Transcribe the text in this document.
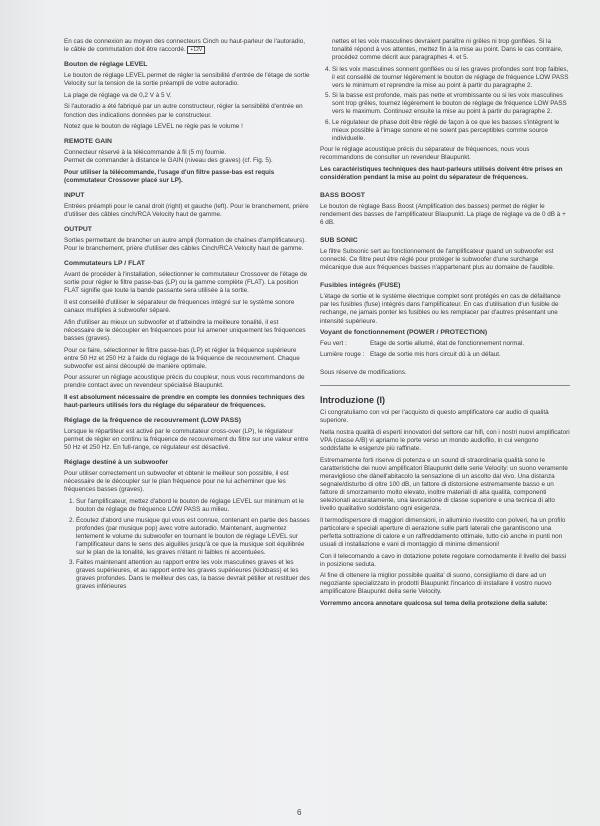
En cas de connexion au moyen des connecteurs Cinch ou haut-parleur de l'autoradio, le câble de commutation doit être raccordé. +12V

Bouton de réglage LEVEL

Le bouton de réglage LEVEL permet de régler la sensibilité d'entrée de l'étage de sortie Velocity sur la tension de la sortie préampli de votre autoradio.

La plage de réglage va de 0,2 V à 5 V.

Si l'autoradio a été fabriqué par un autre constructeur, régler la sensibilité d'entrée en fonction des indications données par le constructeur.

Notez que le bouton de réglage LEVEL ne règle pas le volume !

REMOTE GAIN

Connecteur réservé à la télécommande à fil (5 m) fournie.

Permet de commander à distance le GAIN (niveau des graves) (cf. Fig. 5).

Pour utiliser la télécommande, l'usage d'un filtre passe-bas est requis (commutateur Crossover placé sur LP).

INPUT

Entrées préampli pour le canal droit (right) et gauche (left). Pour le branchement, prière d'utiliser des câbles cinch/RCA Velocity haut de gamme.

OUTPUT

Sorties permettant de brancher un autre ampli (formation de chaînes d'amplificateurs). Pour le branchement, prière d'utiliser des câbles Cinch/RCA Velocity haut de gamme.

Commutateurs LP / FLAT

Avant de procéder à l'installation, sélectionner le commutateur Crossover de l'étage de sortie pour régler le filtre passe-bas (LP) ou la gamme complète (FLAT). La position FLAT signifie que toute la bande passante sera utilisée à la sortie.

Il est conseillé d'utiliser le séparateur de fréquences intégré sur le système sonore canaux multiples à subwoofer séparé.

Afin d'utiliser au mieux un subwoofer et d'atteindre la meilleure tonalité, il est nécessaire de le découpler en fréquences pour lui amener uniquement les fréquences basses (graves).

Pour ce faire, sélectionner le filtre passe-bas (LP) et régler la fréquence supérieure entre 50 Hz et 250 Hz à l'aide du réglage de la fréquence de recouvrement. Chaque subwoofer est ainsi découplé de manière optimale.

Pour assurer un réglage acoustique précis du coupleur, nous vous recommandons de prendre contact avec un revendeur spécialisé Blaupunkt.

Il est absolument nécessaire de prendre en compte les données techniques des haut-parleurs utilisés lors du réglage du séparateur de fréquences.

Réglage de la fréquence de recouvrement (LOW PASS)

Lorsque le répartiteur est activé par le commutateur cross-over (LP), le régulateur permet de régler en continu la fréquence de recouvrement du filtre sur une valeur entre 50 Hz et 250 Hz. En full-range, ce régulateur est désactivé.

Réglage destiné à un subwoofer

Pour utiliser correctement un subwoofer et obtenir le meilleur son possible, il est nécessaire de le découpler sur le plan fréquence pour ne lui acheminer que les fréquences basses (graves).

1. Sur l'amplificateur, mettez d'abord le bouton de réglage LEVEL sur minimum et le bouton de réglage de fréquence LOW PASS au milieu.
2. Écoutez d'abord une musique qui vous est connue, contenant en partie des basses profondes (par musique pop) avec votre autoradio. Maintenant, augmentez lentement le volume du subwoofer en tournant le bouton de réglage LEVEL sur l'amplificateur dans le sens des aiguilles jusqu'à ce que la musique soit équilibrée sur le plan de la tonalité, les graves n'étant ni faibles ni accentuées.
3. Faites maintenant attention au rapport entre les voix masculines graves et les graves supérieures, et au rapport entre les graves supérieures (kickbass) et les graves profondes. Dans le meilleur des cas, la basse devrait pétiller et restituer des graves inférieures

nettes et les voix masculines devraient paraître ni grêles ni trop gonflées. Si la tonalité répond à vos attentes, mettez fin à la mise au point. Dans le cas contraire, procédez comme décrit aux paragraphes 4. et 5.

4. Si les voix masculines sonnent gonflées ou si les graves profondes sont trop faibles, il est conseillé de tourner légèrement le bouton de réglage de fréquence LOW PASS vers le minimum et reprendre la mise au point à partir du paragraphe 2.
5. Si la basse est profonde, mais pas nette et vrombissante ou si les voix masculines sont trop grêles, tournez légèrement le bouton de réglage de fréquence LOW PASS vers le maximum. Continuez ensuite la mise au point à partir du paragraphe 2.
6. Le régulateur de phase doit être réglé de façon à ce que les basses s'intègrent le mieux possible à l'image sonore et ne soient pas perceptibles comme source individuelle.

Pour le réglage acoustique précis du séparateur de fréquences, nous vous recommandons de consulter un revendeur Blaupunkt.

Les caractéristiques techniques des haut-parleurs utilisés doivent être prises en considération pendant la mise au point du séparateur de fréquences.

BASS BOOST

Le bouton de réglage Bass Boost (Amplification des basses) permet de régler le rendement des basses de l'amplificateur Blaupunkt. La plage de réglage va de 0 dB à + 6 dB.

SUB SONIC

Le filtre Subsonic sert au fonctionnement de l'amplificateur quand un subwoofer est connecté. Ce filtre peut être réglé pour protéger le subwoofer d'une surcharge mécanique due aux fréquences basses n'appartenant plus au domaine de l'audible.

Fusibles intégrés (FUSE)

L'étage de sortie et le système électrique complet sont protégés en cas de défaillance par les fusibles (fuse) intégrés dans l'amplificateur. En cas d'utilisation d'un fusible de rechange, ne jamais ponter les fusibles ou les remplacer par d'autres présentant une intensité supérieure.

Voyant de fonctionnement (POWER / PROTECTION)
Feu vert :	Etage de sortie allumé, état de fonctionnement normal.
Lumière rouge : Etage de sortie mis hors circuit dû à un défaut.

Sous réserve de modifications.

Introduzione (I)

Ci congratuliamo con voi per l'acquisto di questo amplificatore car audio di qualità superiore.

Nella nostra qualità di esperti innovatori del settore car hifi, con i nostri nuovi amplificatori VPA (classe A/B) vi apriamo le porte verso un mondo audiofilo, in cui vengono soddisfatte le esigenze più raffinate.

Estremamente forti riserve di potenza e un sound di straordinaria qualità sono le caratteristiche dei nuovi amplificatori Blaupunkt delle serie Velocity: un suono veramente meraviglioso che dànell'abitacolo la sensazione di un ascolto dal vivo. Una distanza segnale/disturbo di oltre 100 dB, un fattore di distorsione estremamente basso e un fattore di smorzamento molto elevato, inoltre materiali di alta qualità, componenti selezionati accuratamente, una lavorazione di classe superiore e una tecnica di alto livello qualitativo soddisfano ogni esigenza.

Il termodispersore di maggiori dimensioni, in alluminio rivestito con polveri, ha un profilo particolare e speciali aperture di aerazione sulle parti laterali che garantiscono una perfetta sottrazione di calore e un raffreddamento ottimale, tutto ciò anche in punti non usuali di installazione e vani di montaggio di minime dimensioni!

Con il telecomando a cavo in dotazione potete regolare comodamente il livello dei bassi in posizione seduta.

Al fine di ottenere la miglior possibile qualita' di suono, consigliamo di dare ad un negoziante specializzato in prodotti Blaupunkt l'incarico di installare il vostro nuovo amplificatore Blaupunkt della serie Velocity.

Vorremmo ancora annotare qualcosa sul tema della protezione della salute:

6
